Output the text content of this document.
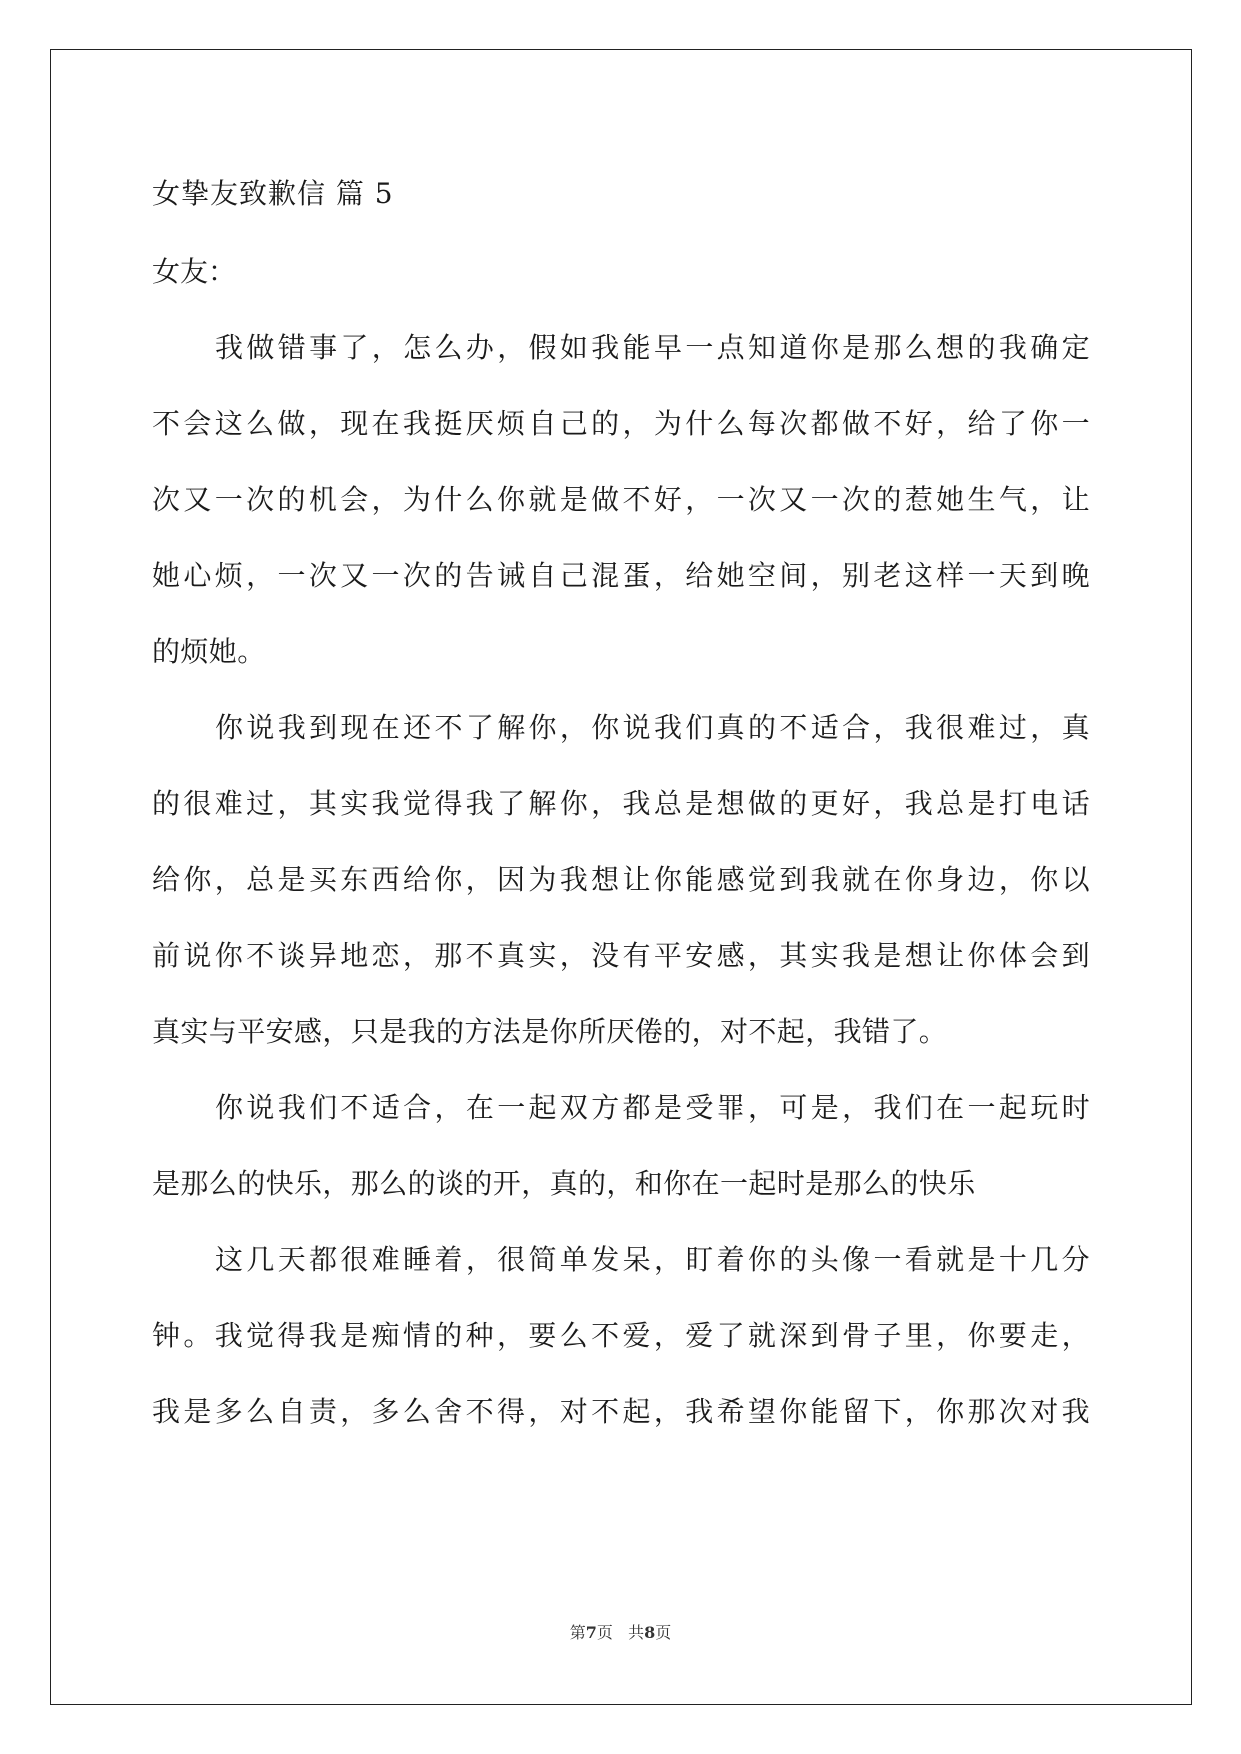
女挚友致歉信 篇 5
女友：
我做错事了，怎么办，假如我能早一点知道你是那么想的我确定
不会这么做，现在我挺厌烦自己的，为什么每次都做不好，给了你一
次又一次的机会，为什么你就是做不好，一次又一次的惹她生气，让
她心烦，一次又一次的告诫自己混蛋，给她空间，别老这样一天到晚
的烦她。
你说我到现在还不了解你，你说我们真的不适合，我很难过，真
的很难过，其实我觉得我了解你，我总是想做的更好，我总是打电话
给你，总是买东西给你，因为我想让你能感觉到我就在你身边，你以
前说你不谈异地恋，那不真实，没有平安感，其实我是想让你体会到
真实与平安感，只是我的方法是你所厌倦的，对不起，我错了。
你说我们不适合，在一起双方都是受罪，可是，我们在一起玩时
是那么的快乐，那么的谈的开，真的，和你在一起时是那么的快乐
这几天都很难睡着，很简单发呆，盯着你的头像一看就是十几分
钟。我觉得我是痴情的种，要么不爱，爱了就深到骨子里，你要走，
我是多么自责，多么舍不得，对不起，我希望你能留下，你那次对我
第7页 共8页
